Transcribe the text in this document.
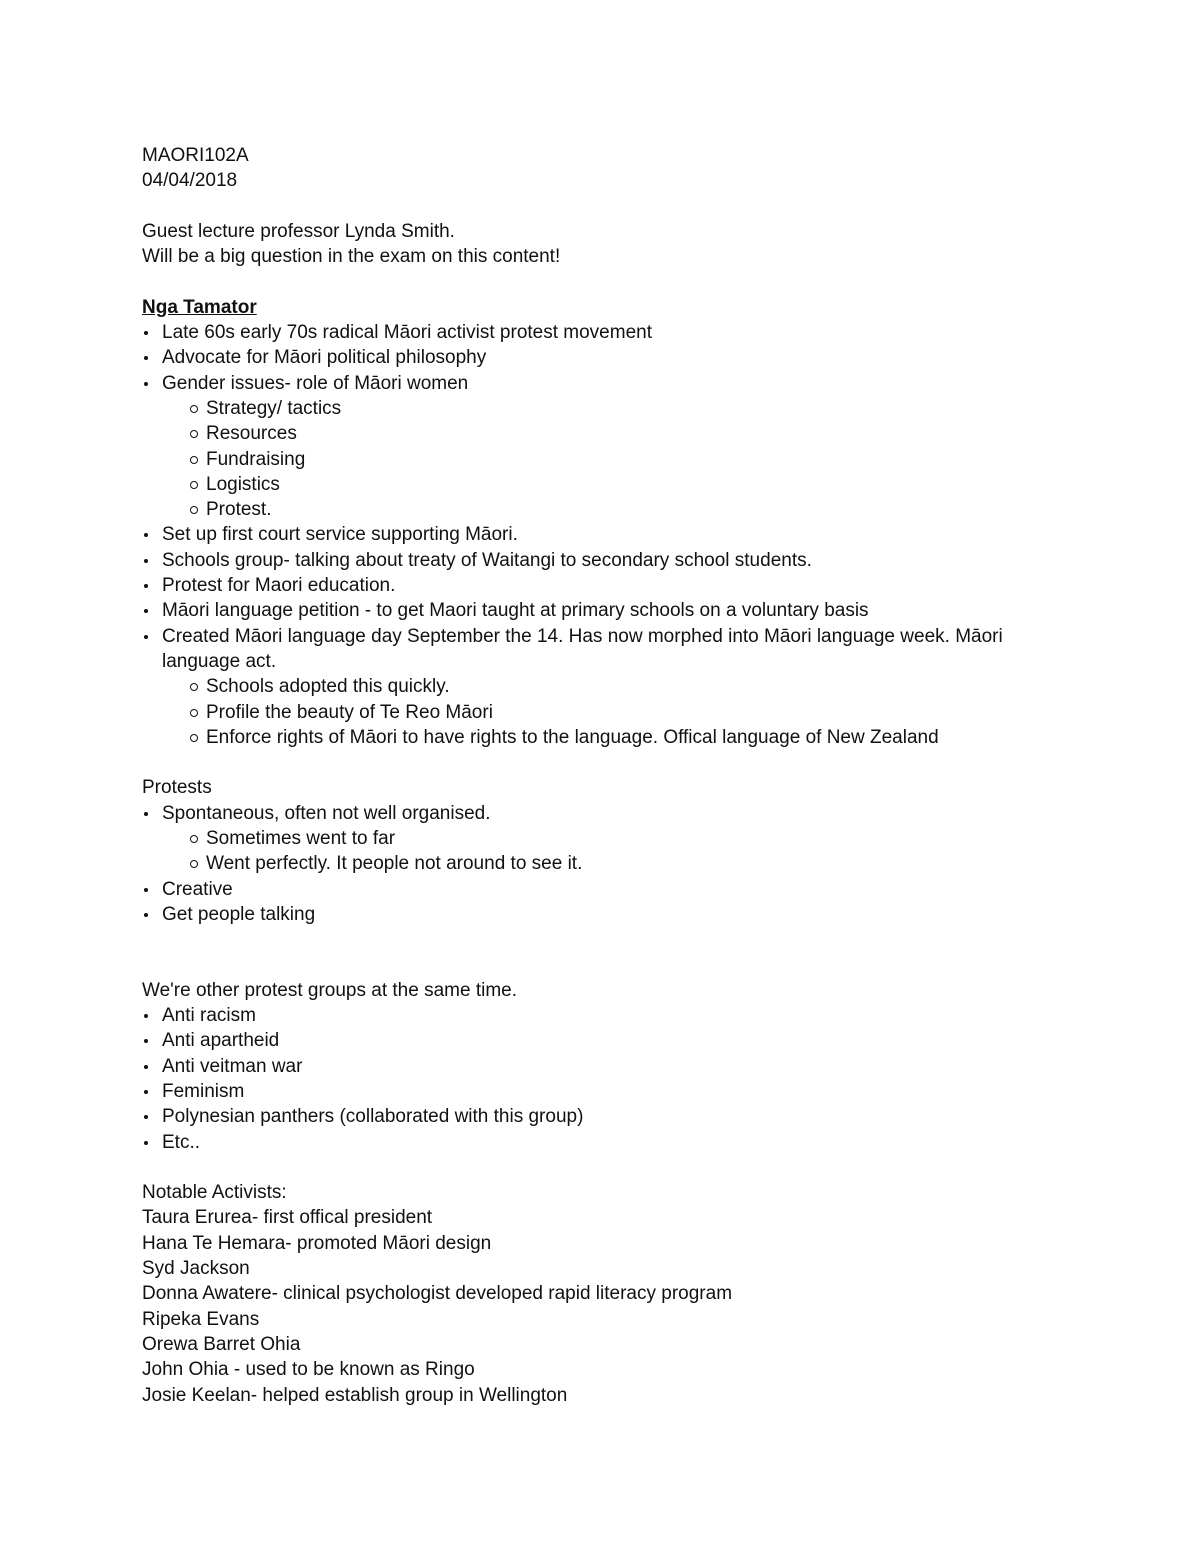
MAORI102A
04/04/2018
Guest lecture professor Lynda Smith.
Will be a big question in the exam on this content!
Nga Tamator
Late 60s early 70s radical Māori activist protest movement
Advocate for Māori political philosophy
Gender issues- role of Māori women
Strategy/ tactics
Resources
Fundraising
Logistics
Protest.
Set up first court service supporting Māori.
Schools group- talking about treaty of Waitangi to secondary school students.
Protest for Maori education.
Māori language petition - to get Maori taught at primary schools on a voluntary basis
Created Māori language day September the 14. Has now morphed into Māori language week. Māori language act.
Schools adopted this quickly.
Profile the beauty of Te Reo Māori
Enforce rights of Māori to have rights to the language. Offical language of New Zealand
Protests
Spontaneous, often not well organised.
Sometimes went to far
Went perfectly. It people not around to see it.
Creative
Get people talking
We're other protest groups at the same time.
Anti racism
Anti apartheid
Anti veitman war
Feminism
Polynesian panthers (collaborated with this group)
Etc..
Notable Activists:
Taura Erurea- first offical president
Hana Te Hemara- promoted Māori design
Syd Jackson
Donna Awatere- clinical psychologist developed rapid literacy program
Ripeka Evans
Orewa Barret Ohia
John Ohia - used to be known as Ringo
Josie Keelan- helped establish group in Wellington
